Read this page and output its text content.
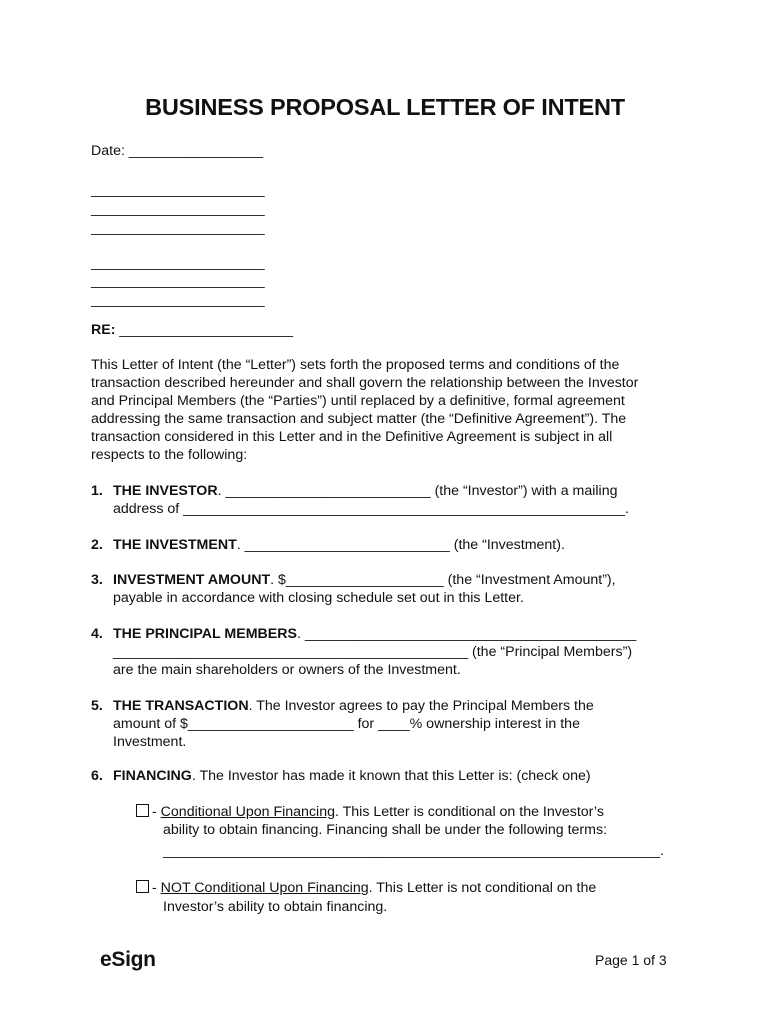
BUSINESS PROPOSAL LETTER OF INTENT
Date: _________________
______________________
______________________
______________________
______________________
______________________
______________________
RE: ______________________
This Letter of Intent (the “Letter”) sets forth the proposed terms and conditions of the
transaction described hereunder and shall govern the relationship between the Investor
and Principal Members (the “Parties”) until replaced by a definitive, formal agreement
addressing the same transaction and subject matter (the “Definitive Agreement”). The
transaction considered in this Letter and in the Definitive Agreement is subject in all
respects to the following:
1. THE INVESTOR. __________________________ (the “Investor”) with a mailing
address of ________________________________________________________.
2. THE INVESTMENT. __________________________ (the “Investment).
3. INVESTMENT AMOUNT. $____________________ (the “Investment Amount”),
payable in accordance with closing schedule set out in this Letter.
4. THE PRINCIPAL MEMBERS. __________________________________________
_____________________________________________ (the “Principal Members”)
are the main shareholders or owners of the Investment.
5. THE TRANSACTION. The Investor agrees to pay the Principal Members the
amount of $_____________________ for ____% ownership interest in the
Investment.
6. FINANCING. The Investor has made it known that this Letter is: (check one)
- Conditional Upon Financing. This Letter is conditional on the Investor’s
ability to obtain financing. Financing shall be under the following terms:
_______________________________________________________________.
- NOT Conditional Upon Financing. This Letter is not conditional on the
Investor’s ability to obtain financing.
eSign	Page 1 of 3
